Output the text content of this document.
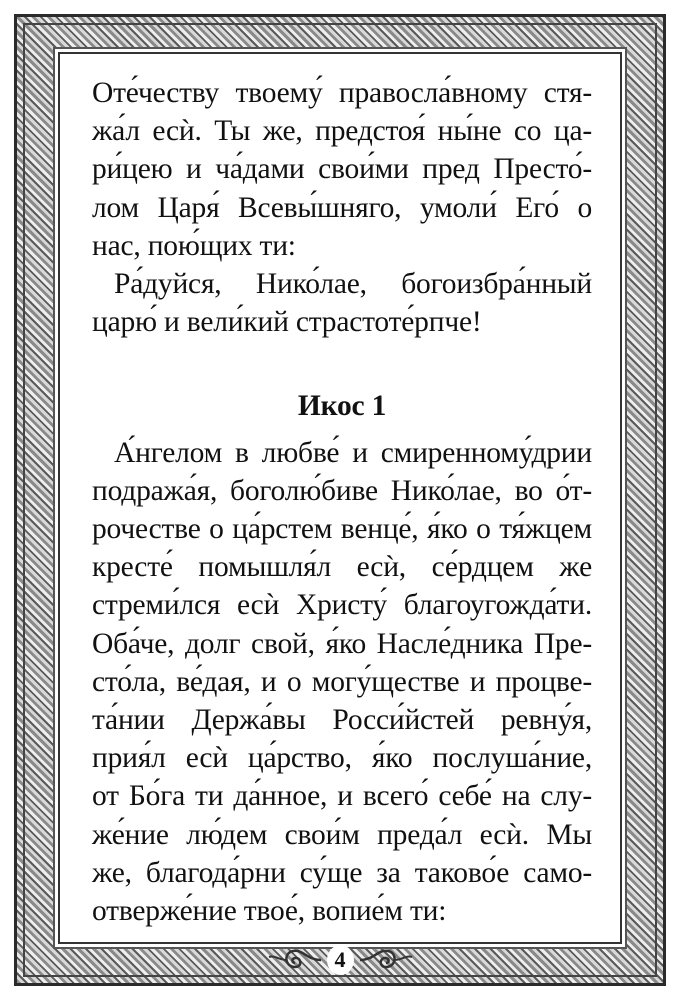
Оте́честву твоему́ правосла́вному стя-
жа́л есѝ. Ты же, предстоя́ ны́не со ца-
ри́цею и ча́дами свои́ми пред Престо́-
лом Царя́ Всевы́шняго, умоли́ Его́ о
нас, пою́щих ти:
Ра́дуйся, Нико́лае, богоизбра́нный
царю́ и вели́кий страстоте́рпче!
Икос 1
А́нгелом в любве́ и смиренному́дрии
подража́я, боголю́биве Нико́лае, во о́т-
рочестве о ца́рстем венце́, я́ко о тя́жцем
кресте́ помышля́л есѝ, се́рдцем же
стреми́лся есѝ Христу́ благоугожда́ти.
Оба́че, долг свой, я́ко Насле́дника Пре-
сто́ла, ве́дая, и о могу́ществе и процве-
та́нии Держа́вы Росси́йстей ревну́я,
прия́л есѝ ца́рство, я́ко послуша́ние,
от Бо́га ти да́нное, и всего́ себе́ на слу-
же́ние лю́дем свои́м преда́л есѝ. Мы
же, благода́рни су́ще за таково́е само-
отверже́ние твое́, вопие́м ти:
4
